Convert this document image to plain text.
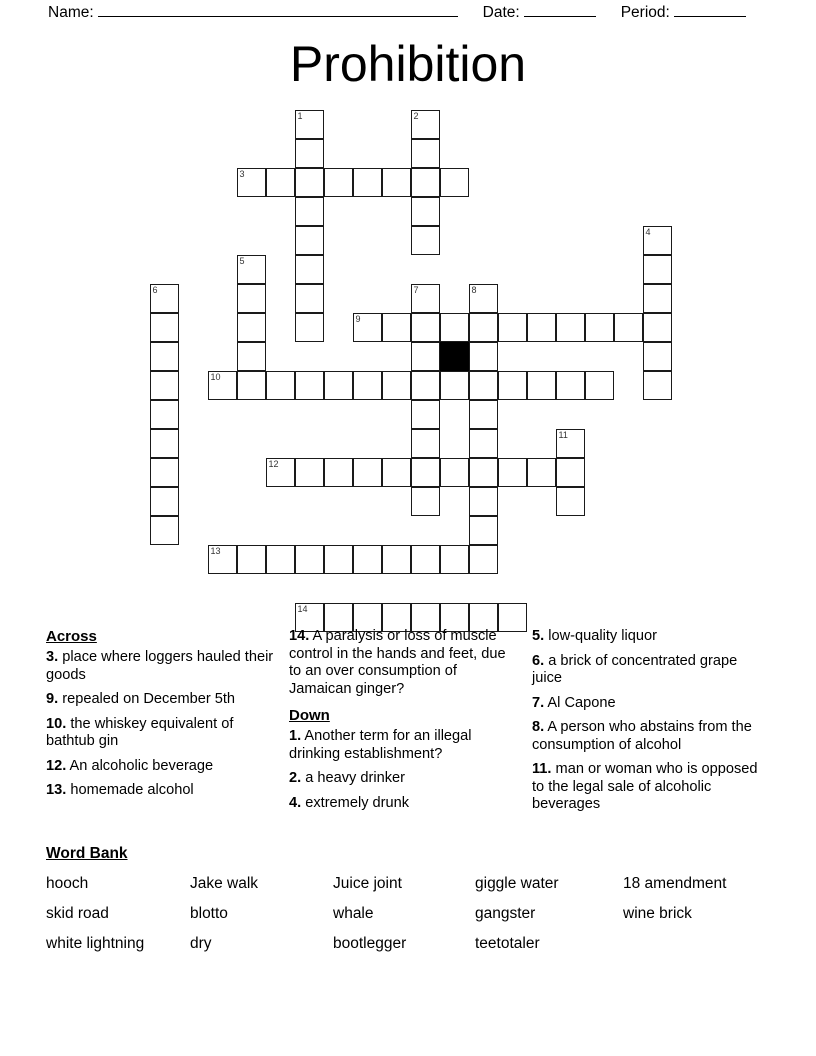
Name:	Date:	Period:
Prohibition
1	2
3
4
5
6	7	8
9
10
11
12
13
14
Across
3. place where loggers hauled their goods
9. repealed on December 5th
10. the whiskey equivalent of bathtub gin
12. An alcoholic beverage
13. homemade alcohol
14. A paralysis or loss of muscle control in the hands and feet, due to an over consumption of Jamaican ginger?
Down
1. Another term for an illegal drinking establishment?
2. a heavy drinker
4. extremely drunk
5. low-quality liquor
6. a brick of concentrated grape juice
7. Al Capone
8. A person who abstains from the consumption of alcohol
11. man or woman who is opposed to the legal sale of alcoholic beverages
Word Bank
hooch	Jake walk	Juice joint	giggle water	18 amendment
skid road	blotto	whale	gangster	wine brick
white lightning	dry	bootlegger	teetotaler
